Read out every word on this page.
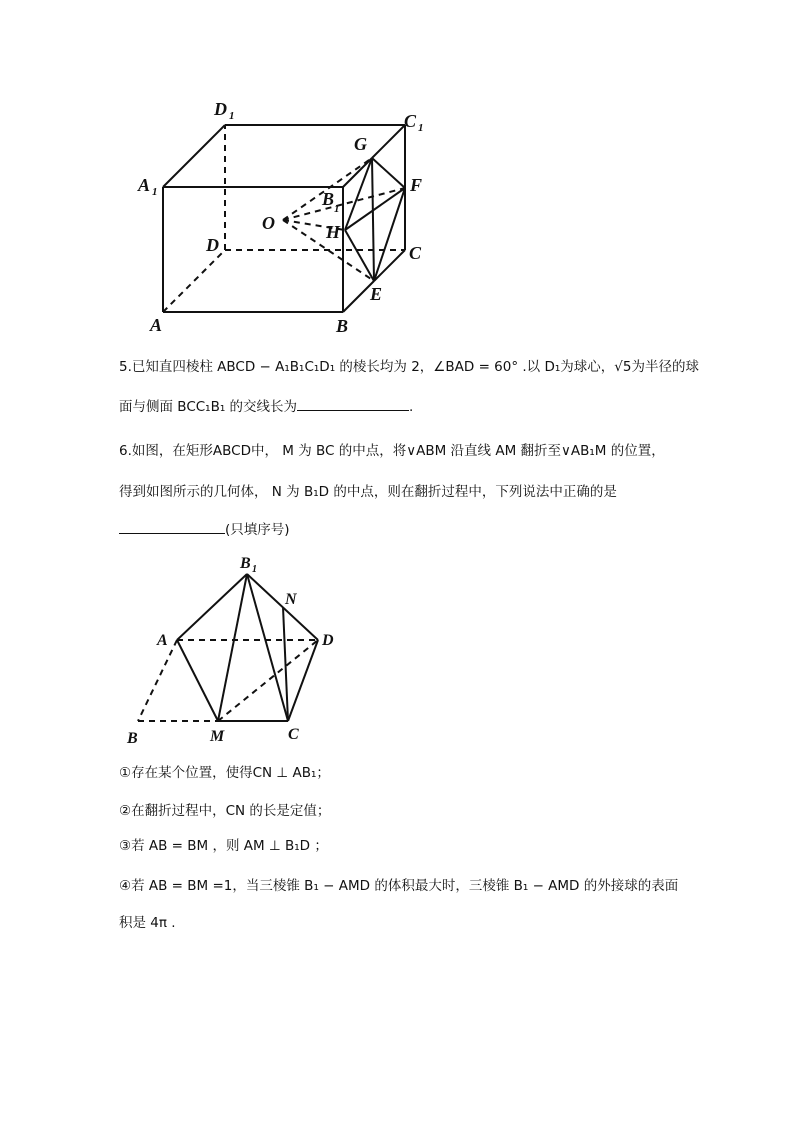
D 1	C 1
A 1	B 1
G
F
O	H
D	C
E
A	B
5.已知直四棱柱 ABCD − A₁B₁C₁D₁ 的棱长均为 2，∠BAD = 60° .以 D₁为球心，√5为半径的球
面与侧面 BCC₁B₁ 的交线长为	.
6.如图，在矩形ABCD中， M 为 BC 的中点，将∨ABM 沿直线 AM 翻折至∨AB₁M 的位置，
得到如图所示的几何体， N 为 B₁D 的中点，则在翻折过程中，下列说法中正确的是
(只填序号)
B 1
N
A	D
B	M	C
①存在某个位置，使得CN ⊥ AB₁；
②在翻折过程中，CN 的长是定值；
③若 AB = BM ，则 AM ⊥ B₁D ；
④若 AB = BM =1，当三棱锥 B₁ − AMD 的体积最大时，三棱锥 B₁ − AMD 的外接球的表面
积是 4π .
